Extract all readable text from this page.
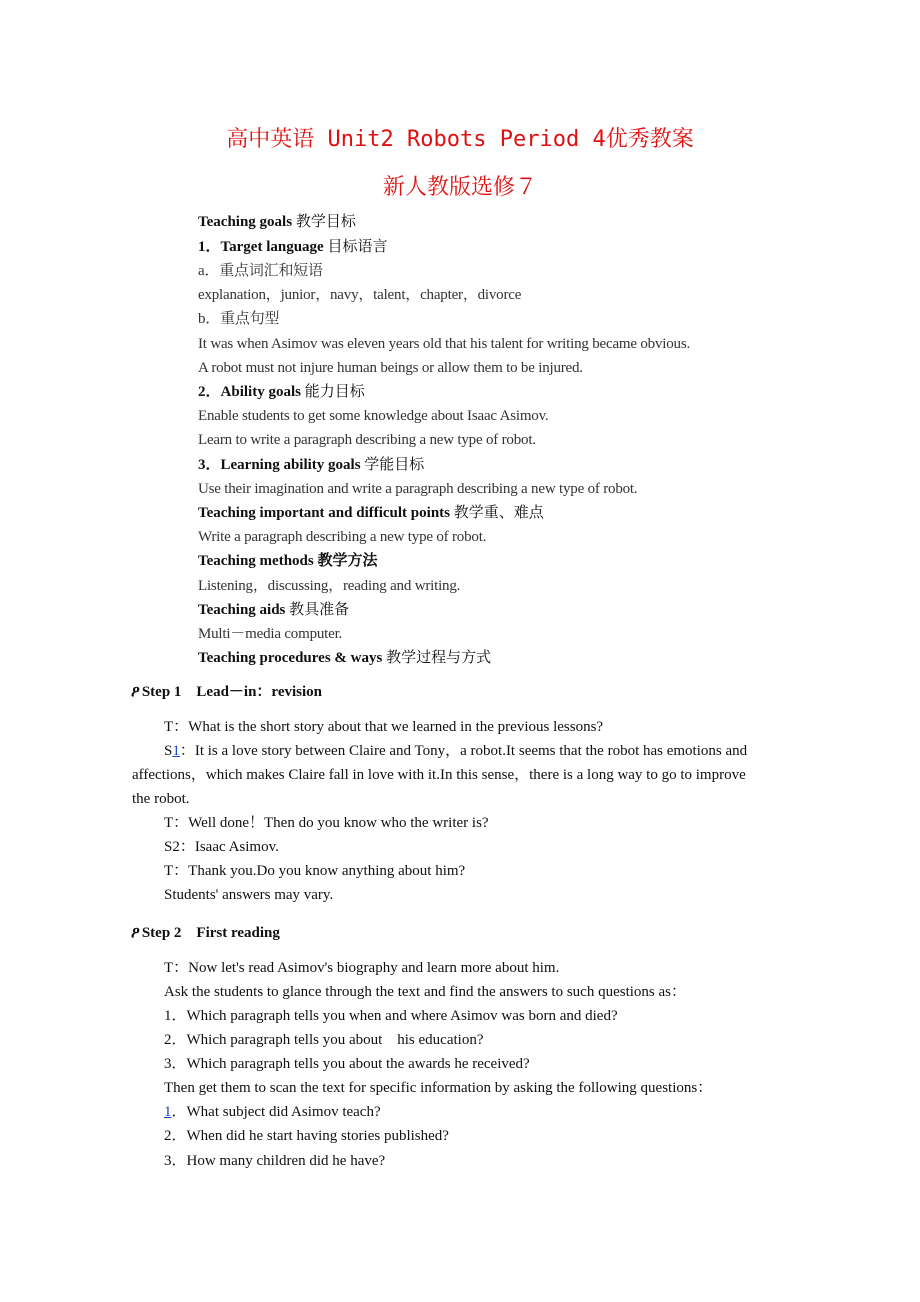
高中英语 Unit2 Robots Period 4优秀教案
新人教版选修７
Teaching goals 教学目标
1．Target language 目标语言
a．重点词汇和短语
explanation，junior，navy，talent，chapter，divorce
b．重点句型
It was when Asimov was eleven years old that his talent for writing became obvious.
A robot must not injure human beings or allow them to be injured.
2．Ability goals 能力目标
Enable students to get some knowledge about Isaac Asimov.
Learn to write a paragraph describing a new type of robot.
3．Learning ability goals 学能目标
Use their imagination and write a paragraph describing a new type of robot.
Teaching important and difficult points 教学重、难点
Write a paragraph describing a new type of robot.
Teaching methods 教学方法
Listening，discussing，reading and writing.
Teaching aids 教具准备
Multi－media computer.
Teaching procedures & ways 教学过程与方式
ዖ Step 1　Lead－in：revision
T：What is the short story about that we learned in the previous lessons?
S1：It is a love story between Claire and Tony，a robot.It seems that the robot has emotions and
affections，which makes Claire fall in love with it.In this sense，there is a long way to go to improve
the robot.
T：Well done！Then do you know who the writer is?
S2：Isaac Asimov.
T：Thank you.Do you know anything about him?
Students' answers may vary.
ዖ Step 2　First reading
T：Now let's read Asimov's biography and learn more about him.
Ask the students to glance through the text and find the answers to such questions as：
1．Which paragraph tells you when and where Asimov was born and died?
2．Which paragraph tells you about　his education?
3．Which paragraph tells you about the awards he received?
Then get them to scan the text for specific information by asking the following questions：
1．What subject did Asimov teach?
2．When did he start having stories published?
3．How many children did he have?
